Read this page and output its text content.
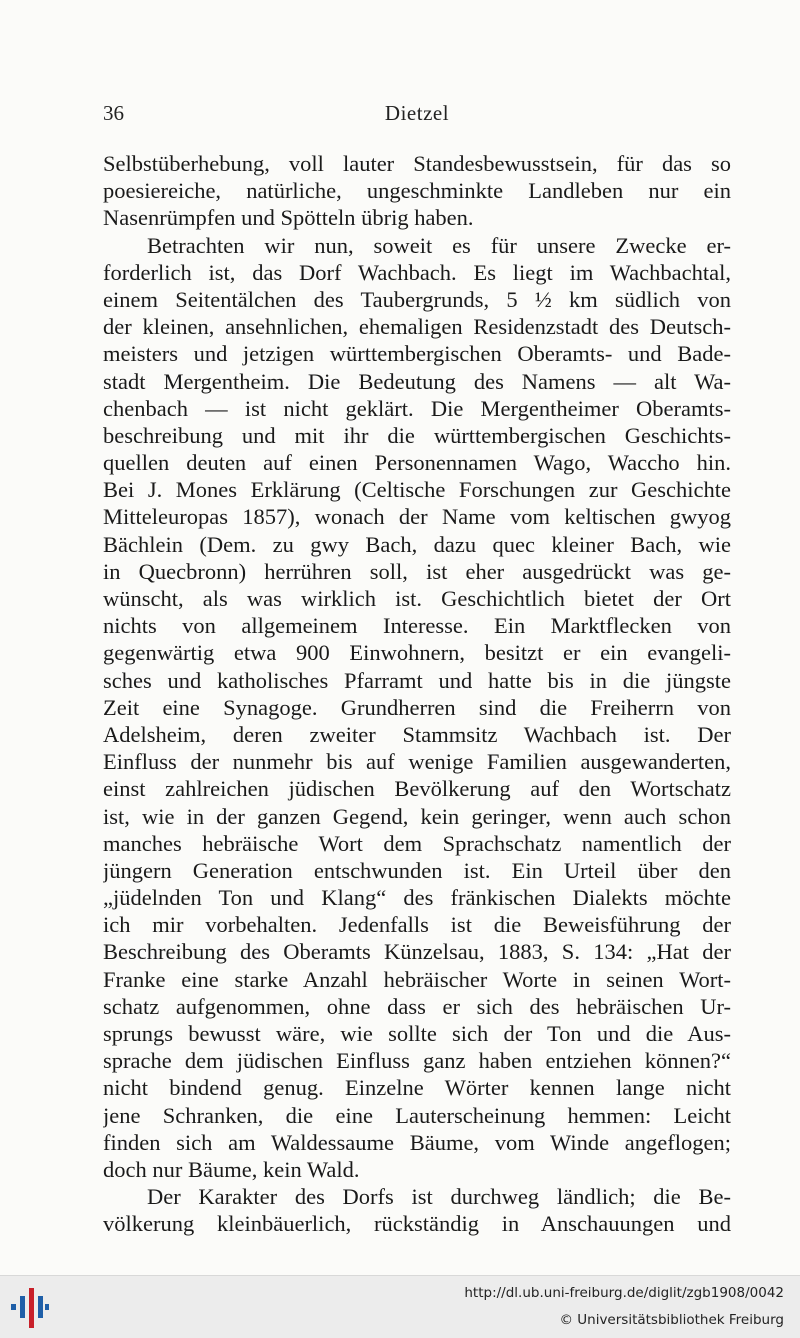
36	Dietzel
Selbstüberhebung, voll lauter Standesbewusstsein, für das so
poesiereiche, natürliche, ungeschminkte Landleben nur ein
Nasenrümpfen und Spötteln übrig haben.
Betrachten wir nun, soweit es für unsere Zwecke er-
forderlich ist, das Dorf Wachbach. Es liegt im Wachbachtal,
einem Seitentälchen des Taubergrunds, 5 ½ km südlich von
der kleinen, ansehnlichen, ehemaligen Residenzstadt des Deutsch-
meisters und jetzigen württembergischen Oberamts- und Bade-
stadt Mergentheim. Die Bedeutung des Namens — alt Wa-
chenbach — ist nicht geklärt. Die Mergentheimer Oberamts-
beschreibung und mit ihr die württembergischen Geschichts-
quellen deuten auf einen Personennamen Wago, Waccho hin.
Bei J. Mones Erklärung (Celtische Forschungen zur Geschichte
Mitteleuropas 1857), wonach der Name vom keltischen gwyog
Bächlein (Dem. zu gwy Bach, dazu quec kleiner Bach, wie
in Quecbronn) herrühren soll, ist eher ausgedrückt was ge-
wünscht, als was wirklich ist. Geschichtlich bietet der Ort
nichts von allgemeinem Interesse. Ein Marktflecken von
gegenwärtig etwa 900 Einwohnern, besitzt er ein evangeli-
sches und katholisches Pfarramt und hatte bis in die jüngste
Zeit eine Synagoge. Grundherren sind die Freiherrn von
Adelsheim, deren zweiter Stammsitz Wachbach ist. Der
Einfluss der nunmehr bis auf wenige Familien ausgewanderten,
einst zahlreichen jüdischen Bevölkerung auf den Wortschatz
ist, wie in der ganzen Gegend, kein geringer, wenn auch schon
manches hebräische Wort dem Sprachschatz namentlich der
jüngern Generation entschwunden ist. Ein Urteil über den
„jüdelnden Ton und Klang“ des fränkischen Dialekts möchte
ich mir vorbehalten. Jedenfalls ist die Beweisführung der
Beschreibung des Oberamts Künzelsau, 1883, S. 134: „Hat der
Franke eine starke Anzahl hebräischer Worte in seinen Wort-
schatz aufgenommen, ohne dass er sich des hebräischen Ur-
sprungs bewusst wäre, wie sollte sich der Ton und die Aus-
sprache dem jüdischen Einfluss ganz haben entziehen können?“
nicht bindend genug. Einzelne Wörter kennen lange nicht
jene Schranken, die eine Lauterscheinung hemmen: Leicht
finden sich am Waldessaume Bäume, vom Winde angeflogen;
doch nur Bäume, kein Wald.
Der Karakter des Dorfs ist durchweg ländlich; die Be-
völkerung kleinbäuerlich, rückständig in Anschauungen und
http://dl.ub.uni-freiburg.de/diglit/zgb1908/0042
© Universitätsbibliothek Freiburg
